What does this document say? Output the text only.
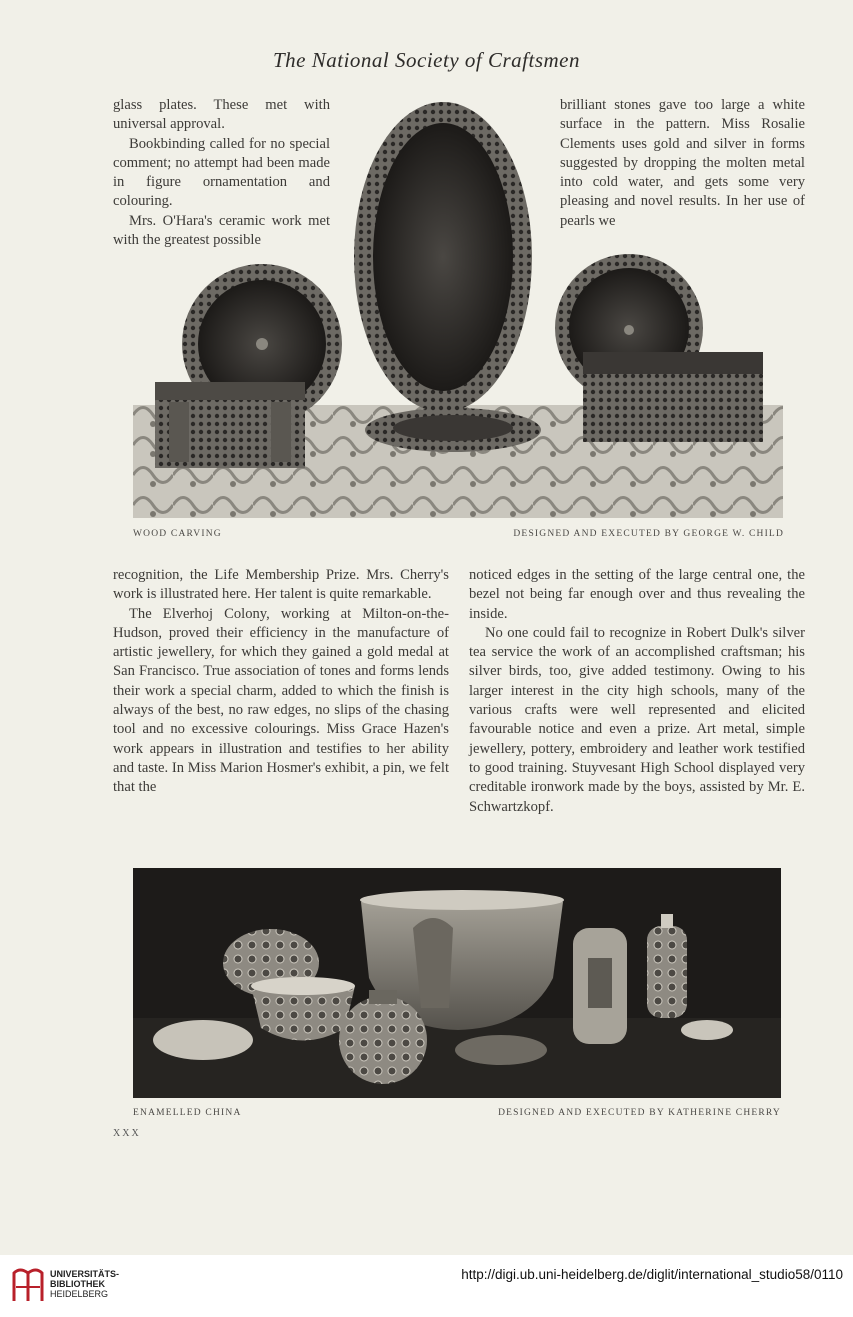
The National Society of Craftsmen

glass plates. These met with universal approval.

Bookbinding called for no special comment; no attempt had been made in figure ornamentation and colouring.

Mrs. O'Hara's ceramic work met with the greatest possible

brilliant stones gave too large a white surface in the pattern. Miss Rosalie Clements uses gold and silver in forms suggested by dropping the molten metal into cold water, and gets some very pleasing and novel results. In her use of pearls we

WOOD CARVING	DESIGNED AND EXECUTED BY GEORGE W. CHILD

recognition, the Life Membership Prize. Mrs. Cherry's work is illustrated here. Her talent is quite remarkable.

The Elverhoj Colony, working at Milton-on-the-Hudson, proved their efficiency in the manufacture of artistic jewellery, for which they gained a gold medal at San Francisco. True association of tones and forms lends their work a special charm, added to which the finish is always of the best, no raw edges, no slips of the chasing tool and no excessive colourings. Miss Grace Hazen's work appears in illustration and testifies to her ability and taste. In Miss Marion Hosmer's exhibit, a pin, we felt that the

noticed edges in the setting of the large central one, the bezel not being far enough over and thus revealing the inside.

No one could fail to recognize in Robert Dulk's silver tea service the work of an accomplished craftsman; his silver birds, too, give added testimony. Owing to his larger interest in the city high schools, many of the various crafts were well represented and elicited favourable notice and even a prize. Art metal, simple jewellery, pottery, embroidery and leather work testified to good training. Stuyvesant High School displayed very creditable ironwork made by the boys, assisted by Mr. E. Schwartzkopf.

ENAMELLED CHINA	DESIGNED AND EXECUTED BY KATHERINE CHERRY
XXX
UNIVERSITÄTS-
BIBLIOTHEK
HEIDELBERG
http://digi.ub.uni-heidelberg.de/diglit/international_studio58/0110
